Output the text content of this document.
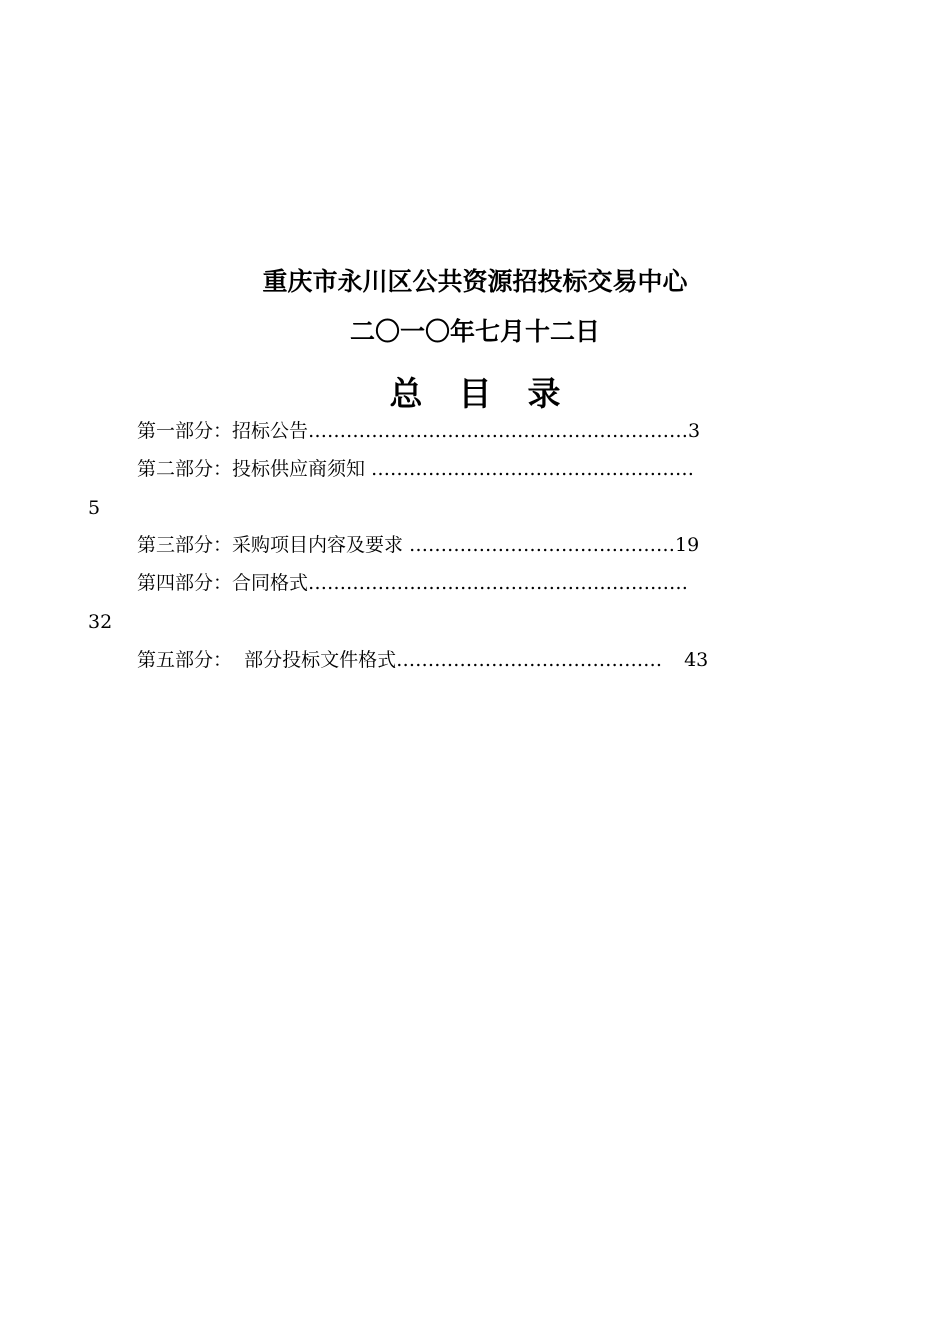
重庆市永川区公共资源招投标交易中心
二〇一〇年七月十二日
总目录
第一部分：招标公告……………………………………………………3
第二部分：投标供应商须知 ……………………………………………
5
第三部分：采购项目内容及要求 ……………………………………19
第四部分：合同格式……………………………………………………
32
第五部分：  部分投标文件格式…………………………………… 43
